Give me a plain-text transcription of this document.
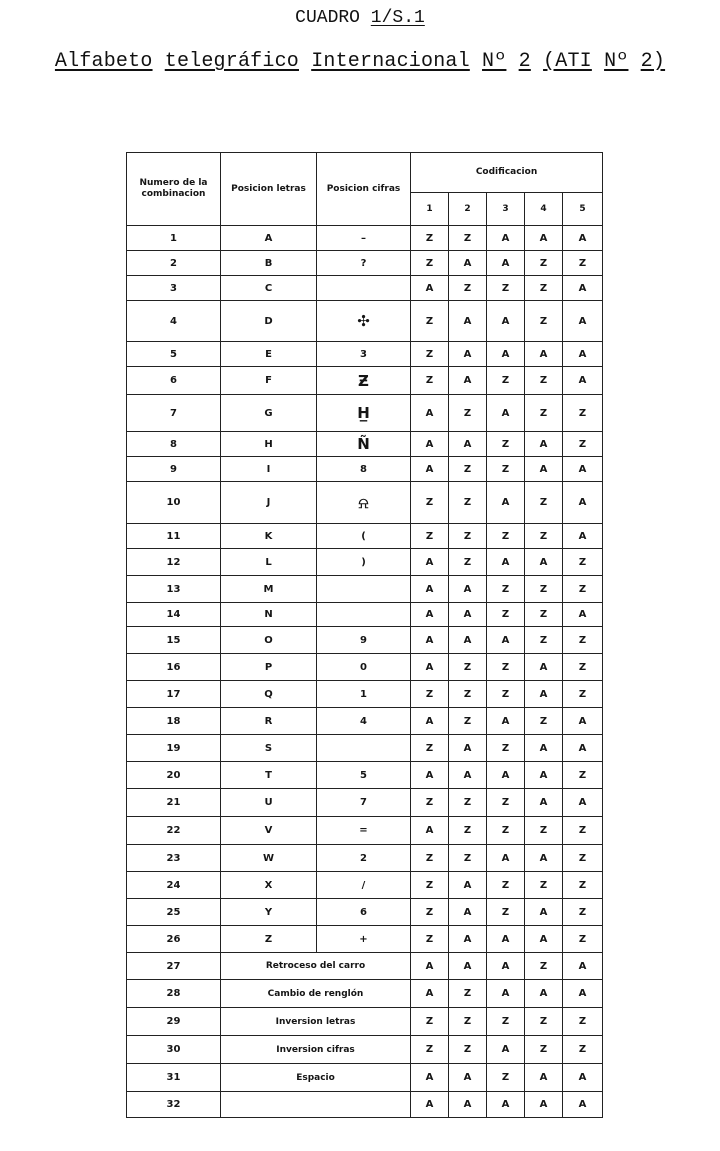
CUADRO 1/S.1
Alfabeto telegráfico Internacional Nº 2 (ATI Nº 2)
Numero de la combinacion	Posicion letras	Posicion cifras	Codificacion				
			1	2	3	4	5
1	A	–	Z	Z	A	A	A
2	B	?	Z	A	A	Z	Z
3	C		A	Z	Z	Z	A
4	D	✣	Z	A	A	Z	A
5	E	3	Z	A	A	A	A
6	F	Ƶ	Z	A	Z	Z	A
7	G	H̲	A	Z	A	Z	Z
8	H	Ñ	A	A	Z	A	Z
9	I	8	A	Z	Z	A	A
10	J	⍾	Z	Z	A	Z	A
11	K	(	Z	Z	Z	Z	A
12	L	)	A	Z	A	A	Z
13	M		A	A	Z	Z	Z
14	N		A	A	Z	Z	A
15	O	9	A	A	A	Z	Z
16	P	0	A	Z	Z	A	Z
17	Q	1	Z	Z	Z	A	Z
18	R	4	A	Z	A	Z	A
19	S		Z	A	Z	A	A
20	T	5	A	A	A	A	Z
21	U	7	Z	Z	Z	A	A
22	V	=	A	Z	Z	Z	Z
23	W	2	Z	Z	A	A	Z
24	X	/	Z	A	Z	Z	Z
25	Y	6	Z	A	Z	A	Z
26	Z	+	Z	A	A	A	Z
27	Retroceso del carro		A	A	A	Z	A
28	Cambio de renglón		A	Z	A	A	A
29	Inversion letras		Z	Z	Z	Z	Z
30	Inversion cifras		Z	Z	A	Z	Z
31	Espacio		A	A	Z	A	A
32			A	A	A	A	A
